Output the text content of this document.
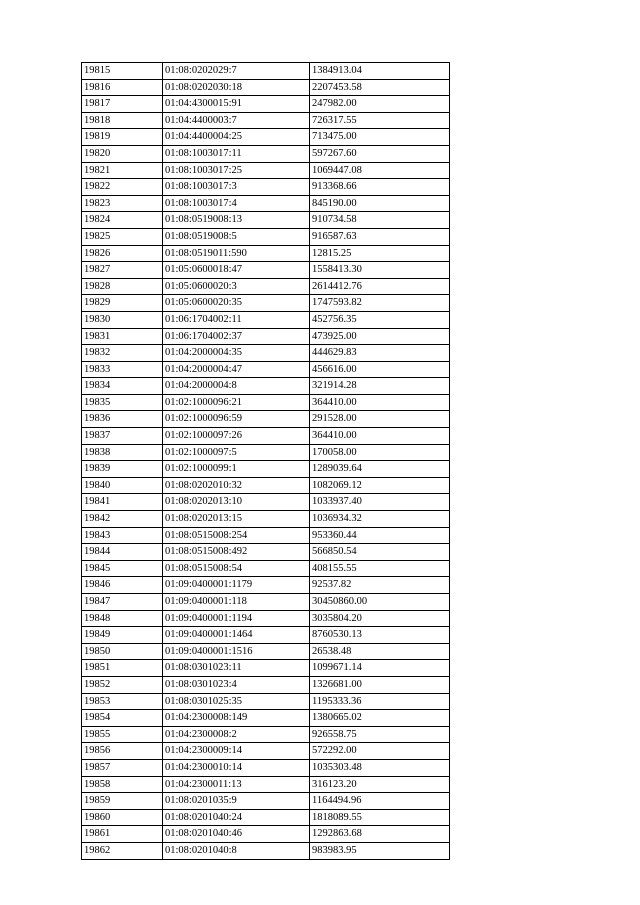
19815	01:08:0202029:7	1384913.04
19816	01:08:0202030:18	2207453.58
19817	01:04:4300015:91	247982.00
19818	01:04:4400003:7	726317.55
19819	01:04:4400004:25	713475.00
19820	01:08:1003017:11	597267.60
19821	01:08:1003017:25	1069447.08
19822	01:08:1003017:3	913368.66
19823	01:08:1003017:4	845190.00
19824	01:08:0519008:13	910734.58
19825	01:08:0519008:5	916587.63
19826	01:08:0519011:590	12815.25
19827	01:05:0600018:47	1558413.30
19828	01:05:0600020:3	2614412.76
19829	01:05:0600020:35	1747593.82
19830	01:06:1704002:11	452756.35
19831	01:06:1704002:37	473925.00
19832	01:04:2000004:35	444629.83
19833	01:04:2000004:47	456616.00
19834	01:04:2000004:8	321914.28
19835	01:02:1000096:21	364410.00
19836	01:02:1000096:59	291528.00
19837	01:02:1000097:26	364410.00
19838	01:02:1000097:5	170058.00
19839	01:02:1000099:1	1289039.64
19840	01:08:0202010:32	1082069.12
19841	01:08:0202013:10	1033937.40
19842	01:08:0202013:15	1036934.32
19843	01:08:0515008:254	953360.44
19844	01:08:0515008:492	566850.54
19845	01:08:0515008:54	408155.55
19846	01:09:0400001:1179	92537.82
19847	01:09:0400001:118	30450860.00
19848	01:09:0400001:1194	3035804.20
19849	01:09:0400001:1464	8760530.13
19850	01:09:0400001:1516	26538.48
19851	01:08:0301023:11	1099671.14
19852	01:08:0301023:4	1326681.00
19853	01:08:0301025:35	1195333.36
19854	01:04:2300008:149	1380665.02
19855	01:04:2300008:2	926558.75
19856	01:04:2300009:14	572292.00
19857	01:04:2300010:14	1035303.48
19858	01:04:2300011:13	316123.20
19859	01:08:0201035:9	1164494.96
19860	01:08:0201040:24	1818089.55
19861	01:08:0201040:46	1292863.68
19862	01:08:0201040:8	983983.95
